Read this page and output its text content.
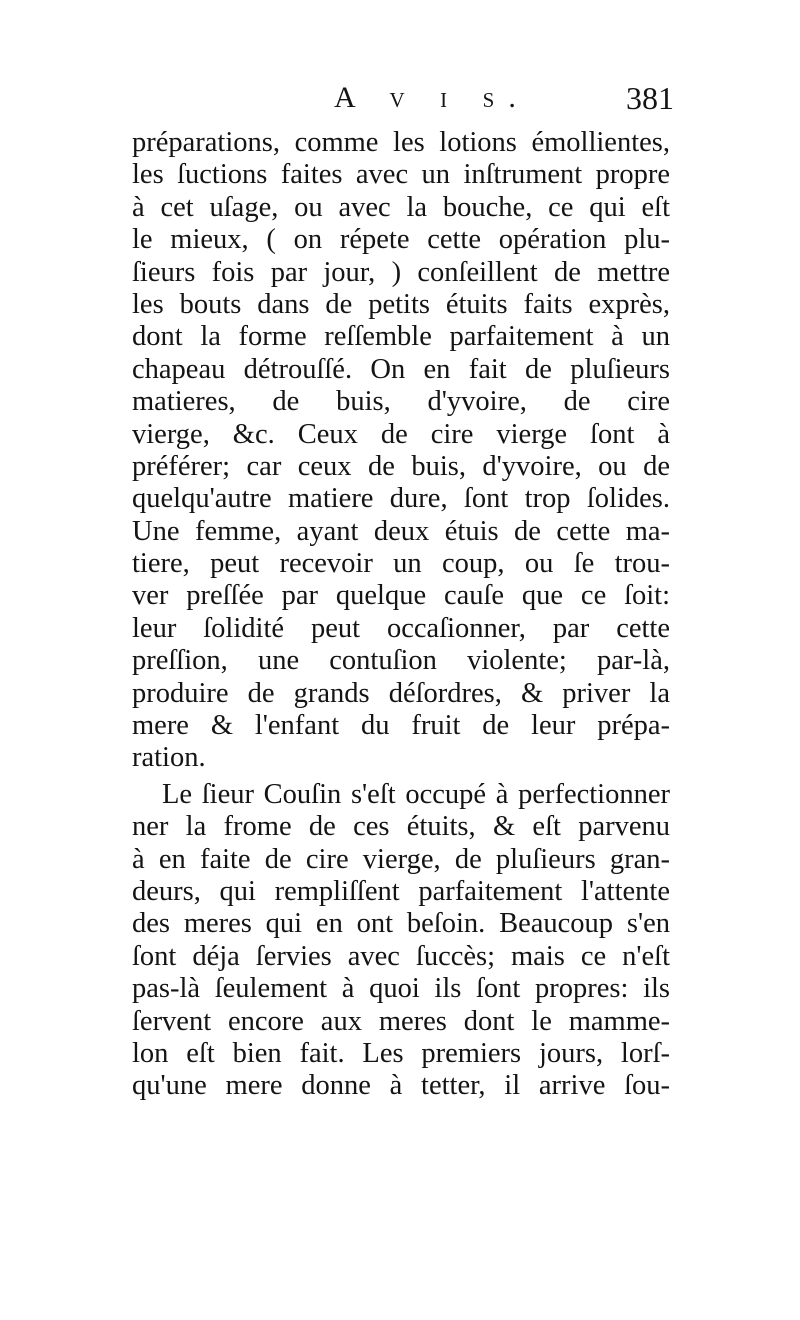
A v i s.	381
préparations, comme les lotions émollientes,
les ſuctions faites avec un inſtrument propre
à cet uſage, ou avec la bouche, ce qui eſt
le mieux, ( on répete cette opération plu-
ſieurs fois par jour, ) conſeillent de mettre
les bouts dans de petits étuits faits exprès,
dont la forme reſſemble parfaitement à un
chapeau détrouſſé. On en fait de pluſieurs
matieres, de buis, d'yvoire, de cire
vierge, &c. Ceux de cire vierge ſont à
préférer; car ceux de buis, d'yvoire, ou de
quelqu'autre matiere dure, ſont trop ſolides.
Une femme, ayant deux étuis de cette ma-
tiere, peut recevoir un coup, ou ſe trou-
ver preſſée par quelque cauſe que ce ſoit:
leur ſolidité peut occaſionner, par cette
preſſion, une contuſion violente; par-là,
produire de grands déſordres, & priver la
mere & l'enfant du fruit de leur prépa-
ration.
Le ſieur Couſin s'eſt occupé à perfectionner
ner la frome de ces étuits, & eſt parvenu
à en faite de cire vierge, de pluſieurs gran-
deurs, qui rempliſſent parfaitement l'attente
des meres qui en ont beſoin. Beaucoup s'en
ſont déja ſervies avec ſuccès; mais ce n'eſt
pas-là ſeulement à quoi ils ſont propres: ils
ſervent encore aux meres dont le mamme-
lon eſt bien fait. Les premiers jours, lorſ-
qu'une mere donne à tetter, il arrive ſou-
